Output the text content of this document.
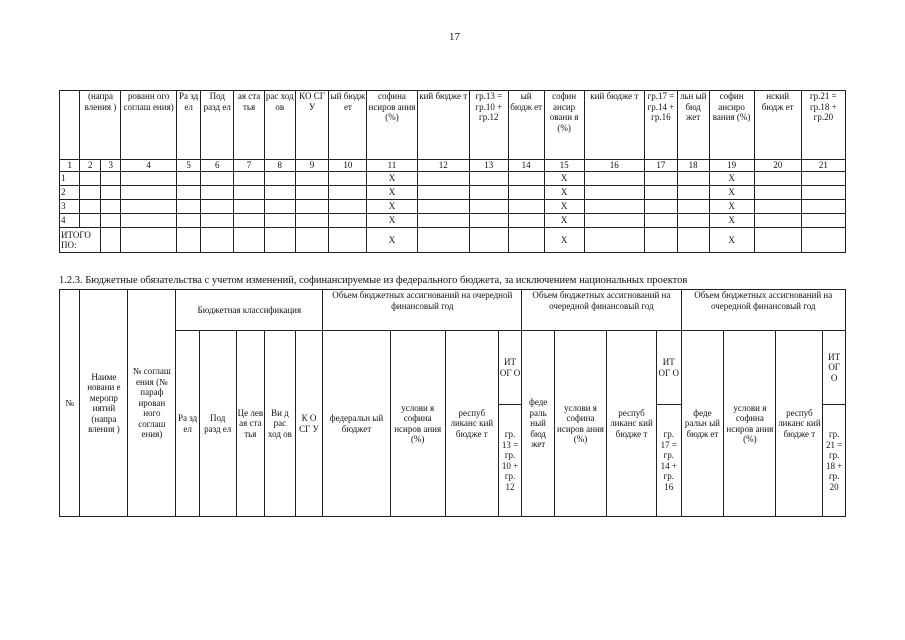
17
	(напра вления )		рованн ого соглаш ения)	Ра зд ел	Под разд ел	ая ста тья	рас ход ов	КО СГ У	ый бюдж ет	софина нсиров ания (%)	кий бюдже т	гр.13 = гр.10 + гр.12	ый бюдж ет	софин ансир овани я (%)	кий бюдже т	гр.17 = гр.14 + гр.16	льн ый бюд жет	софин ансиро вания (%)	нский бюдж ет	гр.21 = гр.18 + гр.20
1	2	3	4	5	6	7	8	9	10	11	12	13	14	15	16	17	18	19	20	21
1										X				X				X		
2										X				X				X		
3										X				X				X		
4										X				X				X		
ИТОГО ПО:										X				X				X		
1.2.3. Бюджетные обязательства с учетом изменений, софинансируемые из федерального бюджета, за исключением национальных проектов
№	Наиме новани е меропр иятий (напра вления )	№ соглаш ения (№ параф ирован ного соглаш ения)	Бюджетная классификация					Объем бюджетных ассигнований на очередной финансовый год				Объем бюджетных ассигнований на очередной финансовый год				Объем бюджетных ассигнований на очередной финансовый год			
			Ра зд ел	Под разд ел	Це лев ая ста тья	Ви д рас ход ов	К О СГ У	федеральн ый бюджет	услови я софина нсиров ания (%)	респуб ликанс кий бюдже т	ИТ ОГ О	феде раль ный бюд жет	услови я софина нсиров ания (%)	респуб ликанс кий бюдже т	ИТ ОГ О	феде ральн ый бюдж ет	услови я софина нсиров ания (%)	респуб ликанс кий бюдже т	ИТ ОГ О
											гр. 13 = гр. 10 + гр. 12				гр. 17 = гр. 14 + гр. 16				гр. 21 = гр. 18 + гр. 20
